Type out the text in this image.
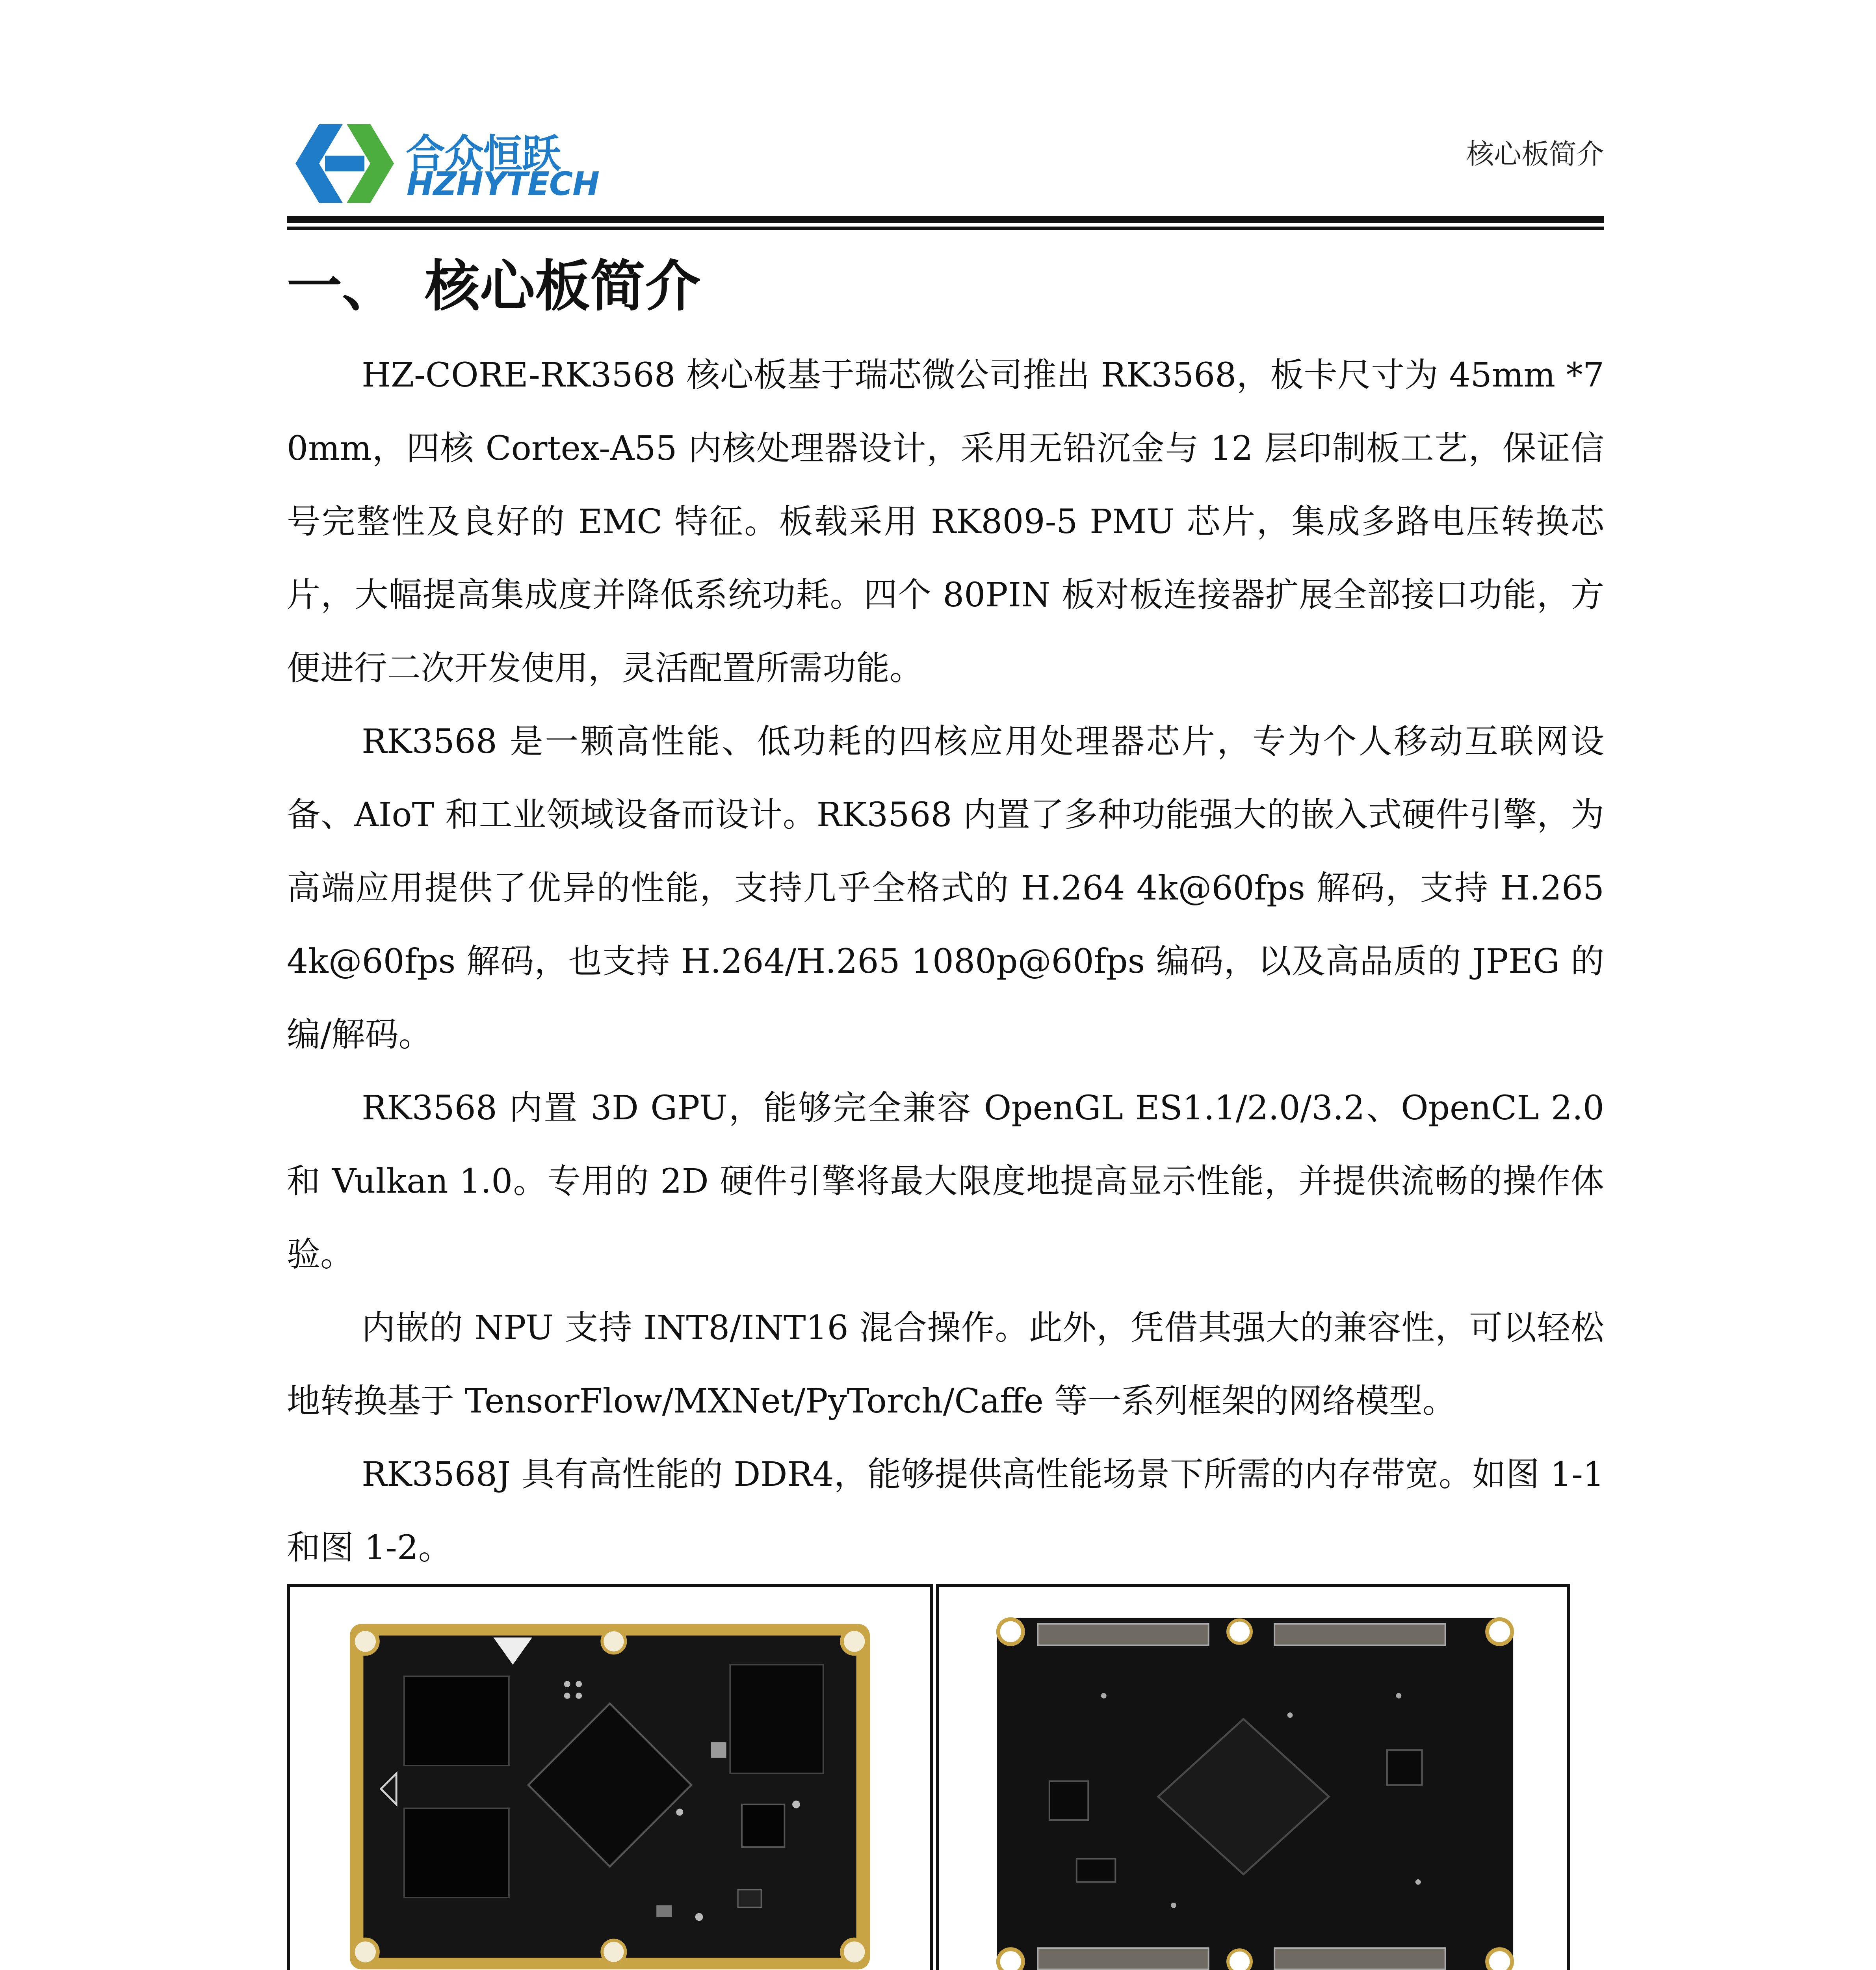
合众恒跃
HZHYTECH
核心板简介
一、 核心板简介

HZ-CORE-RK3568 核心板基于瑞芯微公司推出 RK3568，板卡尺寸为 45mm *70mm，四核 Cortex-A55 内核处理器设计，采用无铅沉金与 12 层印制板工艺，保证信号完整性及良好的 EMC 特征。板载采用 RK809-5 PMU 芯片，集成多路电压转换芯片，大幅提高集成度并降低系统功耗。四个 80PIN 板对板连接器扩展全部接口功能，方便进行二次开发使用，灵活配置所需功能。

RK3568 是一颗高性能、低功耗的四核应用处理器芯片，专为个人移动互联网设备、AIoT 和工业领域设备而设计。RK3568 内置了多种功能强大的嵌入式硬件引擎，为高端应用提供了优异的性能，支持几乎全格式的 H.264 4k@60fps 解码，支持 H.265 4k@60fps 解码，也支持 H.264/H.265 1080p@60fps 编码，以及高品质的 JPEG 的编/解码。

RK3568 内置 3D GPU，能够完全兼容 OpenGL ES1.1/2.0/3.2、OpenCL 2.0 和 Vulkan 1.0。专用的 2D 硬件引擎将最大限度地提高显示性能，并提供流畅的操作体验。

内嵌的 NPU 支持 INT8/INT16 混合操作。此外，凭借其强大的兼容性，可以轻松地转换基于 TensorFlow/MXNet/PyTorch/Caffe 等一系列框架的网络模型。

RK3568J 具有高性能的 DDR4，能够提供高性能场景下所需的内存带宽。如图 1-1 和图 1-2。
